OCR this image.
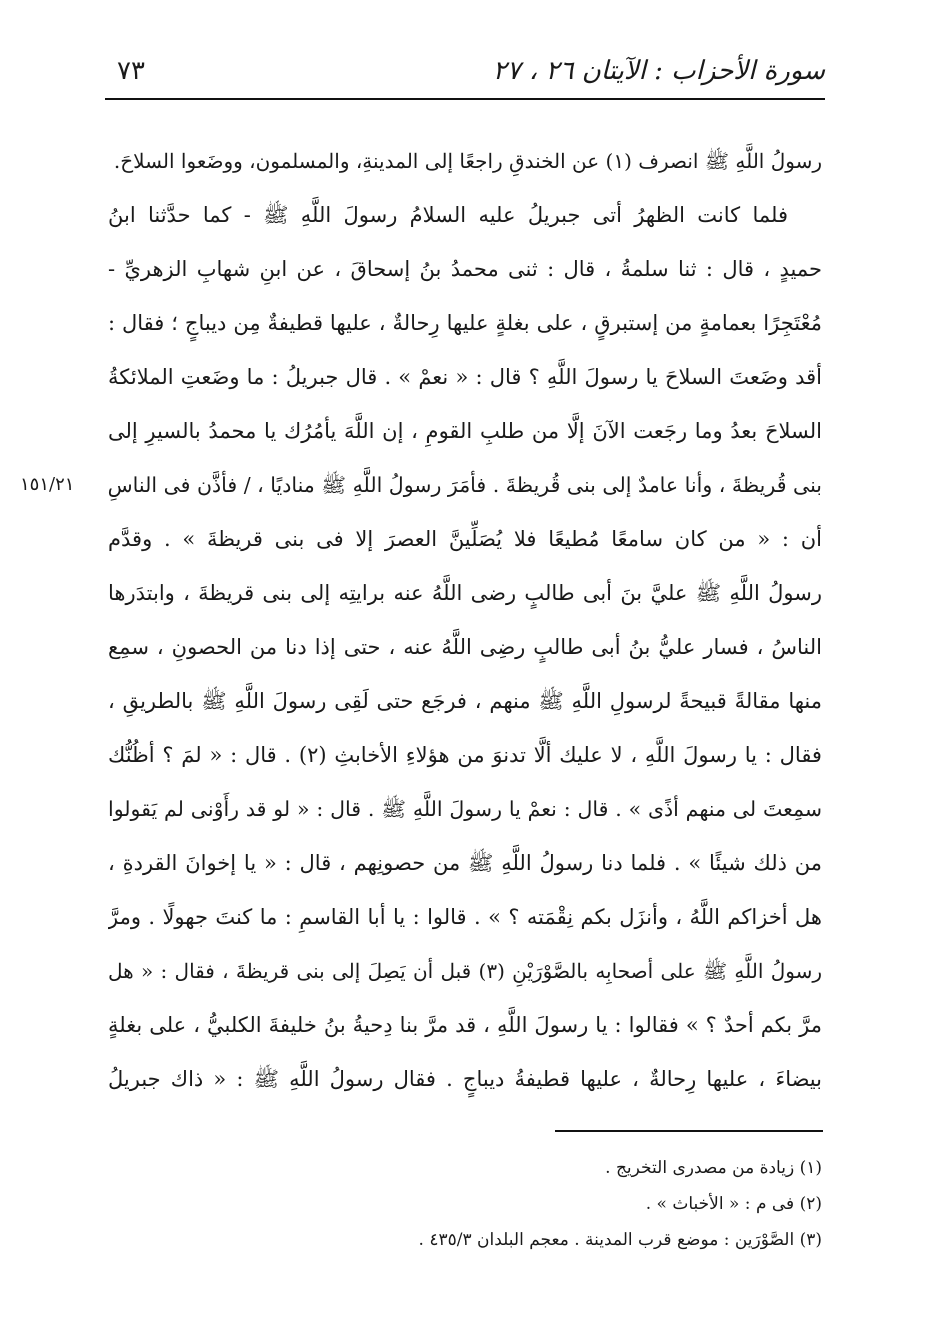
سورة الأحزاب : الآيتان ٢٦ ، ٢٧
٧٣
١٥١/٢١
رسولُ اللَّهِ ﷺ انصرف (١) عن الخندقِ راجعًا إلى المدينةِ، والمسلمون، ووضَعوا السلاحَ.
فلما كانت الظهرُ أتى جبريلُ عليه السلامُ رسولَ اللَّهِ ﷺ - كما حدَّثنا ابنُ
حميدٍ ، قال : ثنا سلمةُ ، قال : ثنى محمدُ بنُ إسحاقَ ، عن ابنِ شهابِ الزهريِّ -
مُعْتَجِرًا بعمامةٍ من إستبرقٍ ، على بغلةٍ عليها رِحالةٌ ، عليها قطيفةٌ مِن ديباجٍ ؛ فقال :
أقد وضَعتَ السلاحَ يا رسولَ اللَّهِ ؟ قال : « نعمْ » . قال جبريلُ : ما وضَعتِ الملائكةُ
السلاحَ بعدُ وما رجَعت الآنَ إلَّا من طلبِ القومِ ، إن اللَّهَ يأمُرُك يا محمدُ بالسيرِ إلى
بنى قُريظةَ ، وأنا عامدٌ إلى بنى قُريظةَ . فأمَرَ رسولُ اللَّهِ ﷺ مناديًا ، / فأذَّن فى الناسِ
أن : « من كان سامعًا مُطيعًا فلا يُصَلِّينَّ العصرَ إلا فى بنى قريظةَ » . وقدَّم
رسولُ اللَّهِ ﷺ عليَّ بنَ أبى طالبٍ رضى اللَّهُ عنه برايتِه إلى بنى قريظةَ ، وابتدَرها
الناسُ ، فسار عليُّ بنُ أبى طالبٍ رضِى اللَّهُ عنه ، حتى إذا دنا من الحصونِ ، سمِع
منها مقالةً قبيحةً لرسولِ اللَّهِ ﷺ منهم ، فرجَع حتى لَقِى رسولَ اللَّهِ ﷺ بالطريقِ ،
فقال : يا رسولَ اللَّهِ ، لا عليك ألَّا تدنوَ من هؤلاءِ الأخابثِ (٢) . قال : « لمَ ؟ أظُنُّك
سمِعتَ لى منهم أذًى » . قال : نعمْ يا رسولَ اللَّهِ ﷺ . قال : « لو قد رأَوْنى لم يَقولوا
من ذلك شيئًا » . فلما دنا رسولُ اللَّهِ ﷺ من حصونِهم ، قال : « يا إخوانَ القردةِ ،
هل أخزاكم اللَّهُ ، وأنزَل بكم نِقْمَته ؟ » . قالوا : يا أبا القاسمِ : ما كنتَ جهولًا . ومرَّ
رسولُ اللَّهِ ﷺ على أصحابِه بالصَّوْرَيْنِ (٣) قبل أن يَصِلَ إلى بنى قريظةَ ، فقال : « هل
مرَّ بكم أحدٌ ؟ » فقالوا : يا رسولَ اللَّهِ ، قد مرَّ بنا دِحيةُ بنُ خليفةَ الكلبيُّ ، على بغلةٍ
بيضاءَ ، عليها رِحالةٌ ، عليها قطيفةُ ديباجٍ . فقال رسولُ اللَّهِ ﷺ : « ذاك جبريلُ
(١) زيادة من مصدرى التخريج .
(٢) فى م : « الأخباث » .
(٣) الصَّوْرَين : موضع قرب المدينة . معجم البلدان ٤٣٥/٣ .
